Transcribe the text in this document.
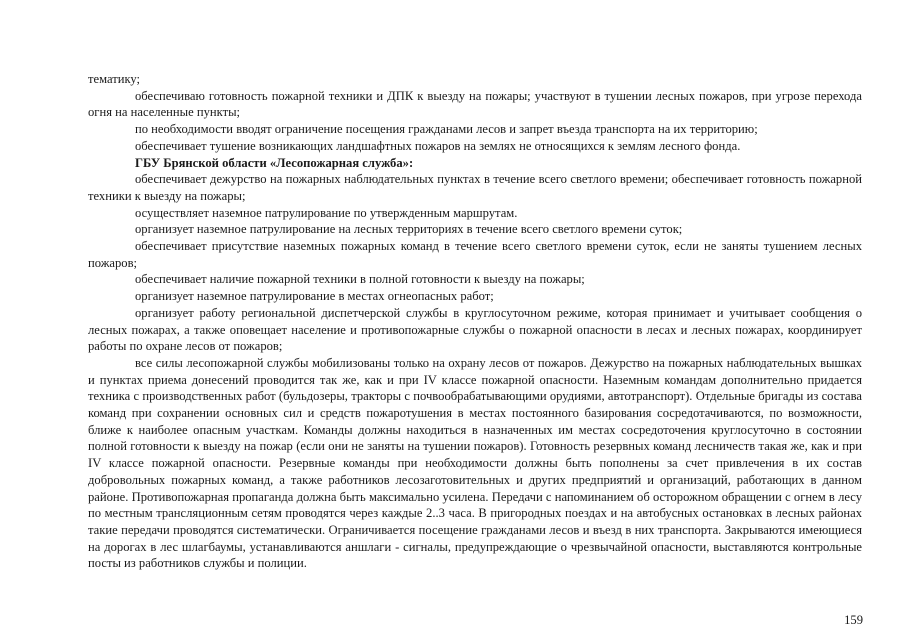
тематику;

обеспечиваю готовность пожарной техники и ДПК к выезду на пожары; участвуют в тушении лесных пожаров, при угрозе перехода огня на населенные пункты;

по необходимости вводят ограничение посещения гражданами лесов и запрет въезда транспорта на их территорию;

обеспечивает тушение возникающих ландшафтных пожаров на землях не относящихся к землям лесного фонда.

ГБУ Брянской области «Лесопожарная служба»:

обеспечивает дежурство на пожарных наблюдательных пунктах в течение всего светлого времени; обеспечивает готовность пожарной техники к выезду на пожары;

осуществляет наземное патрулирование по утвержденным маршрутам.

организует наземное патрулирование на лесных территориях в течение всего светлого времени суток;

обеспечивает присутствие наземных пожарных команд в течение всего светлого времени суток, если не заняты тушением лесных пожаров;

обеспечивает наличие пожарной техники в полной готовности к выезду на пожары;

организует наземное патрулирование в местах огнеопасных работ;

организует работу региональной диспетчерской службы в круглосуточном режиме, которая принимает и учитывает сообщения о лесных пожарах, а также оповещает население и противопожарные службы о пожарной опасности в лесах и лесных пожарах, координирует работы по охране лесов от пожаров;

все силы лесопожарной службы мобилизованы только на охрану лесов от пожаров. Дежурство на пожарных наблюдательных вышках и пунктах приема донесений проводится так же, как и при IV классе пожарной опасности. Наземным командам дополнительно придается техника с производственных работ (бульдозеры, тракторы с почвообрабатывающими орудиями, автотранспорт). Отдельные бригады из состава команд при сохранении основных сил и средств пожаротушения в местах постоянного базирования сосредотачиваются, по возможности, ближе к наиболее опасным участкам. Команды должны находиться в назначенных им местах сосредоточения круглосуточно в состоянии полной готовности к выезду на пожар (если они не заняты на тушении пожаров). Готовность резервных команд лесничеств такая же, как и при IV классе пожарной опасности. Резервные команды при необходимости должны быть пополнены за счет привлечения в их состав добровольных пожарных команд, а также работников лесозаготовительных и других предприятий и организаций, работающих в данном районе. Противопожарная пропаганда должна быть максимально усилена. Передачи с напоминанием об осторожном обращении с огнем в лесу по местным трансляционным сетям проводятся через каждые 2..3 часа. В пригородных поездах и на автобусных остановках в лесных районах такие передачи проводятся систематически. Ограничивается посещение гражданами лесов и въезд в них транспорта. Закрываются имеющиеся на дорогах в лес шлагбаумы, устанавливаются аншлаги - сигналы, предупреждающие о чрезвычайной опасности, выставляются контрольные посты из работников службы и полиции.

159
